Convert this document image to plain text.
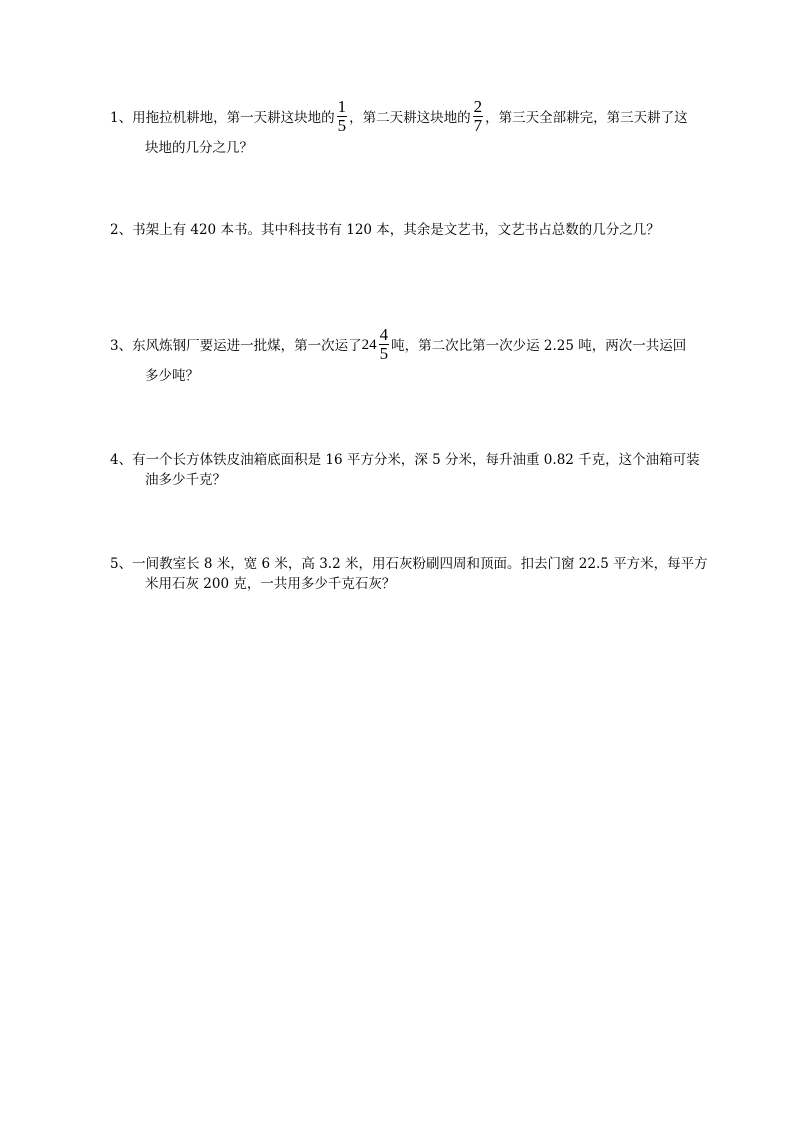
1、用拖拉机耕地，第一天耕这块地的 $\frac{1}{5}$ ，第二天耕这块地的 $\frac{2}{7}$ ，第三天全部耕完，第三天耕了这
块地的几分之几？
2、书架上有 420 本书。其中科技书有 120 本，其余是文艺书，文艺书占总数的几分之几？
3、东风炼钢厂要运进一批煤，第一次运了$24 \frac{4}{5}$ 吨，第二次比第一次少运 2.25 吨，两次一共运回
多少吨？
4、有一个长方体铁皮油箱底面积是 16 平方分米，深 5 分米，每升油重 0.82 千克，这个油箱可装
油多少千克？
5、一间教室长 8 米，宽 6 米，高 3.2 米，用石灰粉刷四周和顶面。扣去门窗 22.5 平方米，每平方
米用石灰 200 克，一共用多少千克石灰？
